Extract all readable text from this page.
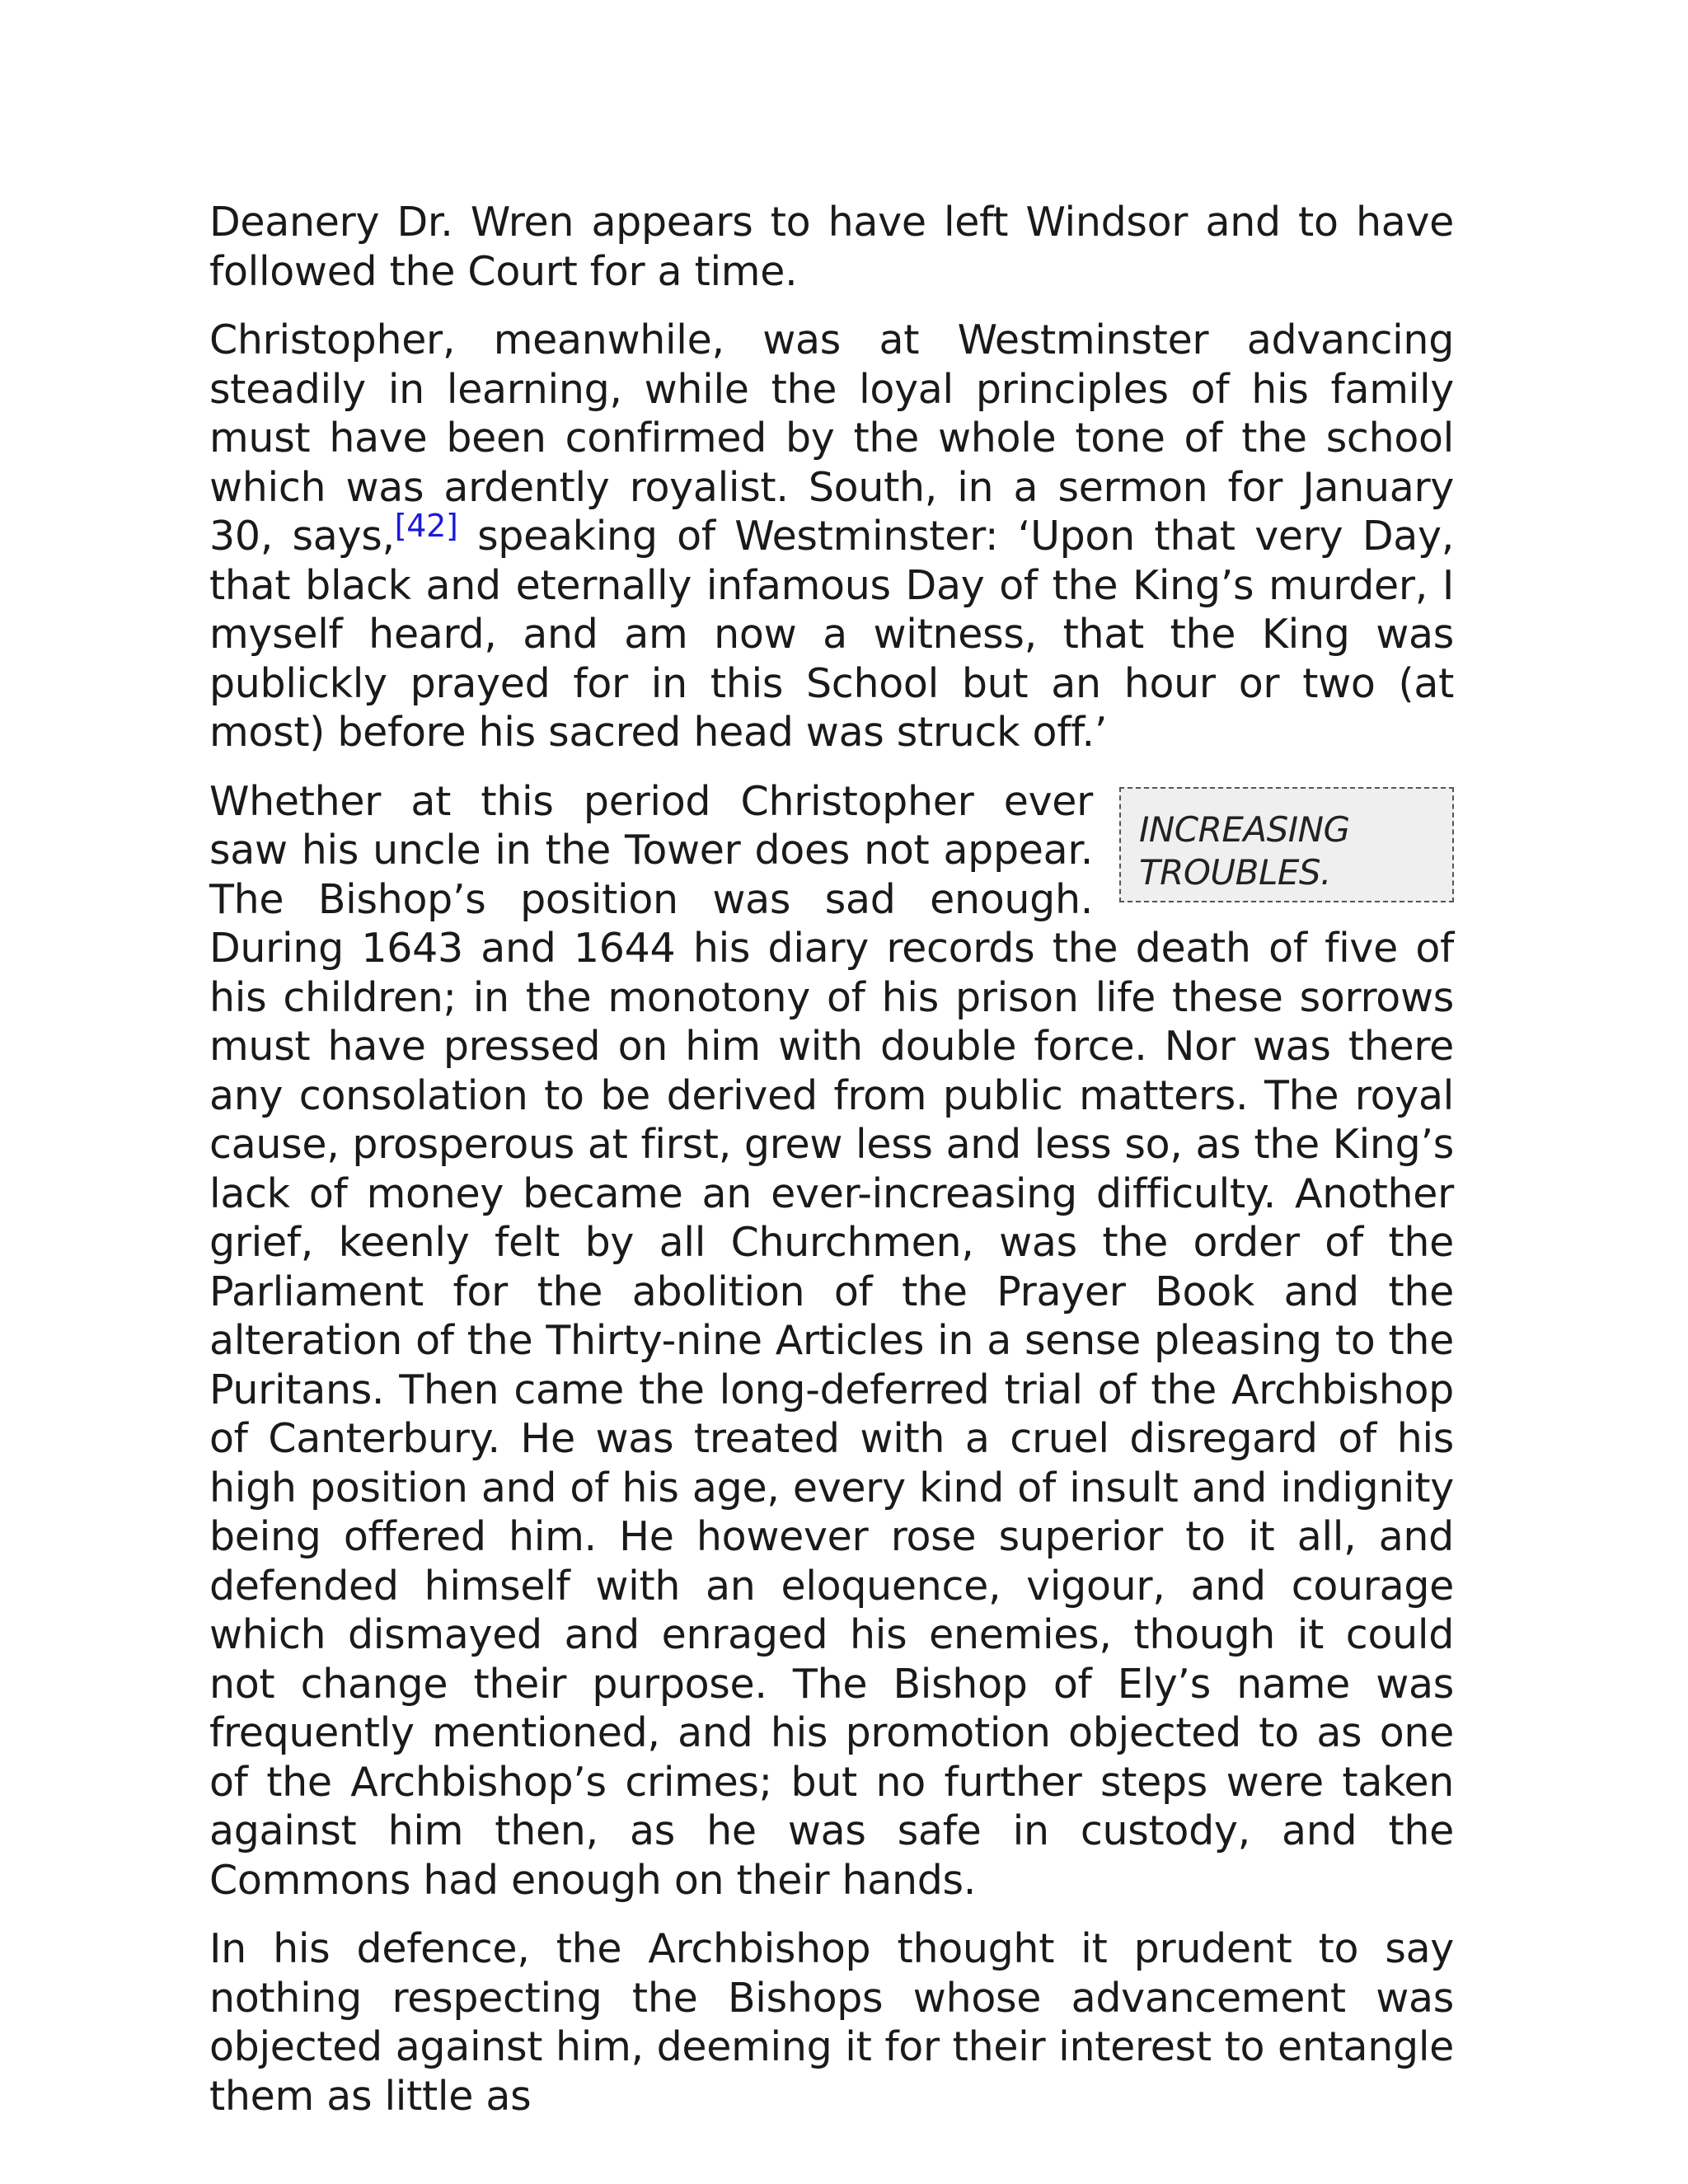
Deanery Dr. Wren appears to have left Windsor and to have followed the Court for a time.

Christopher, meanwhile, was at Westminster advancing steadily in learning, while the loyal principles of his family must have been confirmed by the whole tone of the school which was ardently royalist. South, in a sermon for January 30, says,[42] speaking of Westminster: ‘Upon that very Day, that black and eternally infamous Day of the King’s murder, I myself heard, and am now a witness, that the King was publickly prayed for in this School but an hour or two (at most) before his sacred head was struck off.’

INCREASING
TROUBLES.

Whether at this period Christopher ever saw his uncle in the Tower does not appear. The Bishop’s position was sad enough. During 1643 and 1644 his diary records the death of five of his children; in the monotony of his prison life these sorrows must have pressed on him with double force. Nor was there any consolation to be derived from public matters. The royal cause, prosperous at first, grew less and less so, as the King’s lack of money became an ever-increasing difficulty. Another grief, keenly felt by all Churchmen, was the order of the Parliament for the abolition of the Prayer Book and the alteration of the Thirty-nine Articles in a sense pleasing to the Puritans. Then came the long-deferred trial of the Archbishop of Canterbury. He was treated with a cruel disregard of his high position and of his age, every kind of insult and indignity being offered him. He however rose superior to it all, and defended himself with an eloquence, vigour, and courage which dismayed and enraged his enemies, though it could not change their purpose. The Bishop of Ely’s name was frequently mentioned, and his promotion objected to as one of the Archbishop’s crimes; but no further steps were taken against him then, as he was safe in custody, and the Commons had enough on their hands.

In his defence, the Archbishop thought it prudent to say nothing respecting the Bishops whose advancement was objected against him, deeming it for their interest to entangle them as little as
